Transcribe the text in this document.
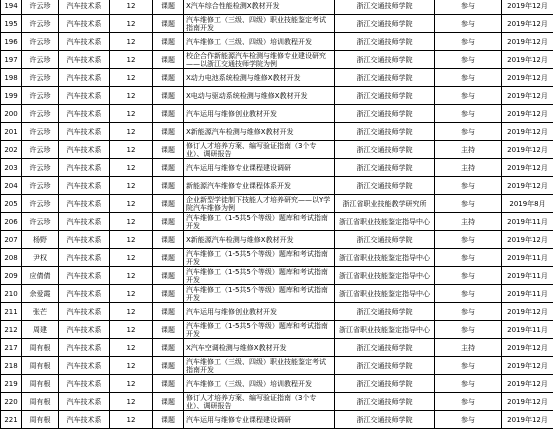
194	许云珍	汽车技术系	12	课题	X汽车综合性能检测X教材开发	浙江交通技师学院	参与	2019年12月
195	许云珍	汽车技术系	12	课题	汽车维修工（三级、四级）职业技能鉴定考试指南开发	浙江交通技师学院	参与	2019年12月
196	许云珍	汽车技术系	12	课题	汽车维修工（三级、四级）培训教程开发	浙江交通技师学院	参与	2019年12月
197	许云珍	汽车技术系	12	课题	校企合作新能源汽车检测与维修专业建设研究——以浙江交通技师学院为例	浙江交通技师学院	参与	2019年12月
198	许云珍	汽车技术系	12	课题	X动力电池系统检测与维修X教材开发	浙江交通技师学院	参与	2019年12月
199	许云珍	汽车技术系	12	课题	X电动与驱动系统检测与维修X教材开发	浙江交通技师学院	参与	2019年12月
200	许云珍	汽车技术系	12	课题	汽车运用与维修创业教材开发	浙江交通技师学院	参与	2019年12月
201	许云珍	汽车技术系	12	课题	X新能源汽车检测与维修X教材开发	浙江交通技师学院	参与	2019年12月
202	许云珍	汽车技术系	12	课题	修订人才培养方案、编写验证指南（3个专业）、调研报告	浙江交通技师学院	主持	2019年12月
203	许云珍	汽车技术系	12	课题	汽车运用与维修专业课程建设调研	浙江交通技师学院	主持	2019年12月
204	许云珍	汽车技术系	12	课题	新能源汽车维修专业课程体系开发	浙江交通技师学院	参与	2019年12月
205	许云珍	汽车技术系	12	课题	企业新型学徒制下技能人才培养研究——以Y学院汽车维修为例	浙江省职业技能教学研究所	参与	2019年8月
206	许云珍	汽车技术系	12	课题	汽车维修工（1-5共5个等级）题库和考试指南开发	浙江省职业技能鉴定指导中心	主持	2019年11月
207	杨野	汽车技术系	12	课题	X新能源汽车检测与维修X教材开发	浙江交通技师学院	参与	2019年12月
208	尹权	汽车技术系	12	课题	汽车维修工（1-5共5个等级）题库和考试指南开发	浙江省职业技能鉴定指导中心	参与	2019年11月
209	应倩倩	汽车技术系	12	课题	汽车维修工（1-5共5个等级）题库和考试指南开发	浙江省职业技能鉴定指导中心	参与	2019年11月
210	余爱霞	汽车技术系	12	课题	汽车维修工（1-5共5个等级）题库和考试指南开发	浙江省职业技能鉴定指导中心	参与	2019年11月
211	张芒	汽车技术系	12	课题	汽车运用与维修创业教材开发	浙江交通技师学院	参与	2019年12月
212	周建	汽车技术系	12	课题	汽车维修工（1-5共5个等级）题库和考试指南开发	浙江省职业技能鉴定指导中心	参与	2019年11月
217	周有根	汽车技术系	12	课题	X汽车空调检测与维修X教材开发	浙江交通技师学院	主持	2019年12月
218	周有根	汽车技术系	12	课题	汽车维修工（三级、四级）职业技能鉴定考试指南开发	浙江交通技师学院	参与	2019年12月
219	周有根	汽车技术系	12	课题	汽车维修工（三级、四级）培训教程开发	浙江交通技师学院	参与	2019年12月
220	周有根	汽车技术系	12	课题	修订人才培养方案、编写验证指南（3个专业）、调研报告	浙江交通技师学院	参与	2019年12月
221	周有根	汽车技术系	12	课题	汽车运用与维修专业课程建设调研	浙江交通技师学院	参与	2019年12月
